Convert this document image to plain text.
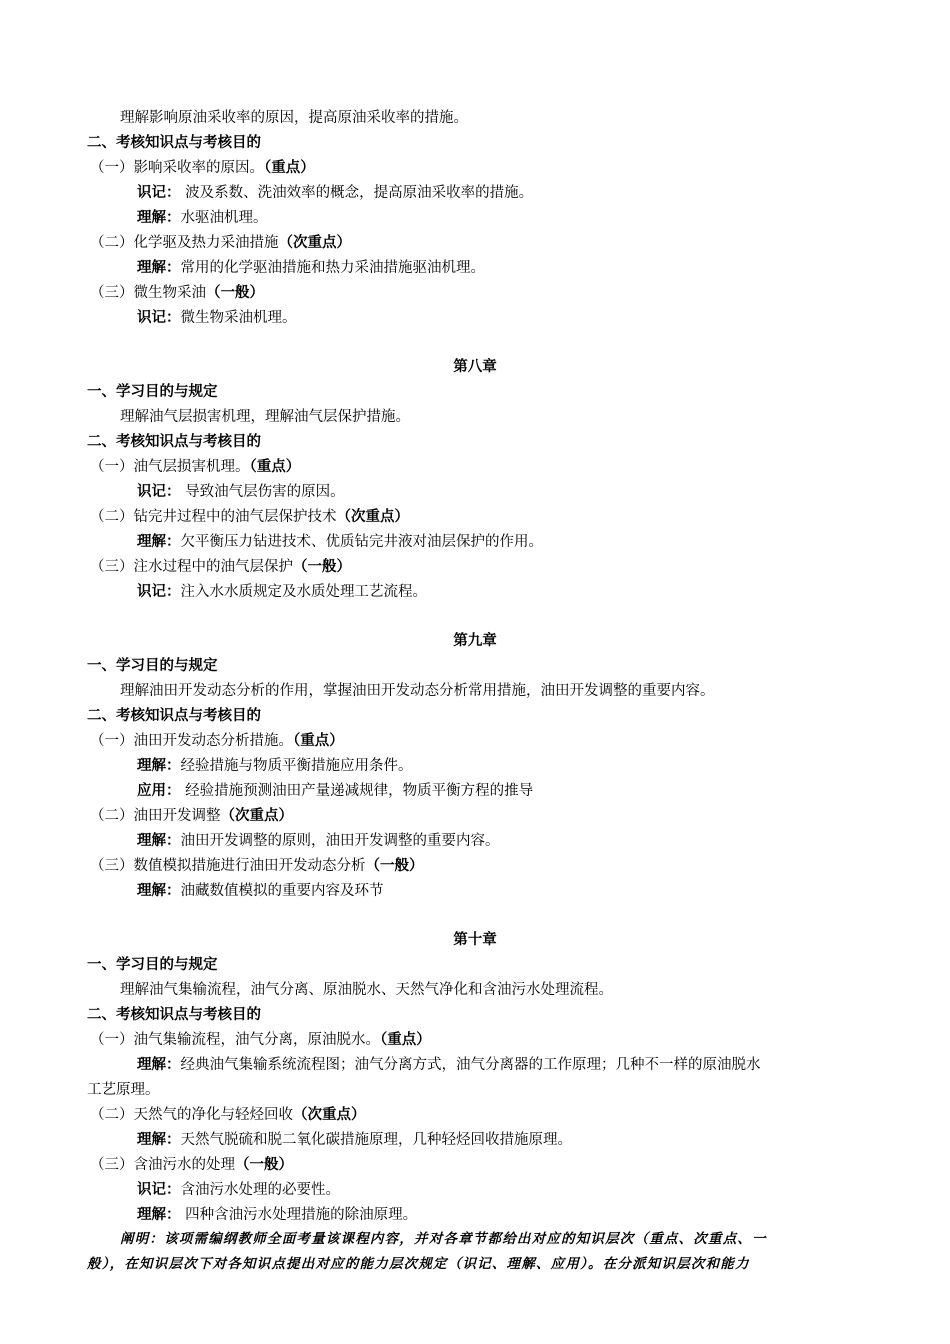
理解影响原油采收率的原因，提高原油采收率的措施。
二、考核知识点与考核目的
（一）影响采收率的原因。（重点）
识记： 波及系数、洗油效率的概念，提高原油采收率的措施。
理解：水驱油机理。
（二）化学驱及热力采油措施（次重点）
理解：常用的化学驱油措施和热力采油措施驱油机理。
（三）微生物采油（一般）
识记：微生物采油机理。
第八章
一、学习目的与规定
理解油气层损害机理，理解油气层保护措施。
二、考核知识点与考核目的
（一）油气层损害机理。（重点）
识记： 导致油气层伤害的原因。
（二）钻完井过程中的油气层保护技术（次重点）
理解：欠平衡压力钻进技术、优质钻完井液对油层保护的作用。
（三）注水过程中的油气层保护（一般）
识记：注入水水质规定及水质处理工艺流程。
第九章
一、学习目的与规定
理解油田开发动态分析的作用，掌握油田开发动态分析常用措施，油田开发调整的重要内容。
二、考核知识点与考核目的
（一）油田开发动态分析措施。（重点）
理解：经验措施与物质平衡措施应用条件。
应用： 经验措施预测油田产量递减规律，物质平衡方程的推导
（二）油田开发调整（次重点）
理解：油田开发调整的原则，油田开发调整的重要内容。
（三）数值模拟措施进行油田开发动态分析（一般）
理解：油藏数值模拟的重要内容及环节
第十章
一、学习目的与规定
理解油气集输流程，油气分离、原油脱水、天然气净化和含油污水处理流程。
二、考核知识点与考核目的
（一）油气集输流程，油气分离，原油脱水。（重点）
理解：经典油气集输系统流程图；油气分离方式，油气分离器的工作原理；几种不一样的原油脱水
工艺原理。
（二）天然气的净化与轻烃回收（次重点）
理解：天然气脱硫和脱二氧化碳措施原理，几种轻烃回收措施原理。
（三）含油污水的处理（一般）
识记：含油污水处理的必要性。
理解： 四种含油污水处理措施的除油原理。
阐明：该项需编纲教师全面考量该课程内容，并对各章节都给出对应的知识层次（重点、次重点、一
般），在知识层次下对各知识点提出对应的能力层次规定（识记、理解、应用）。在分派知识层次和能力
